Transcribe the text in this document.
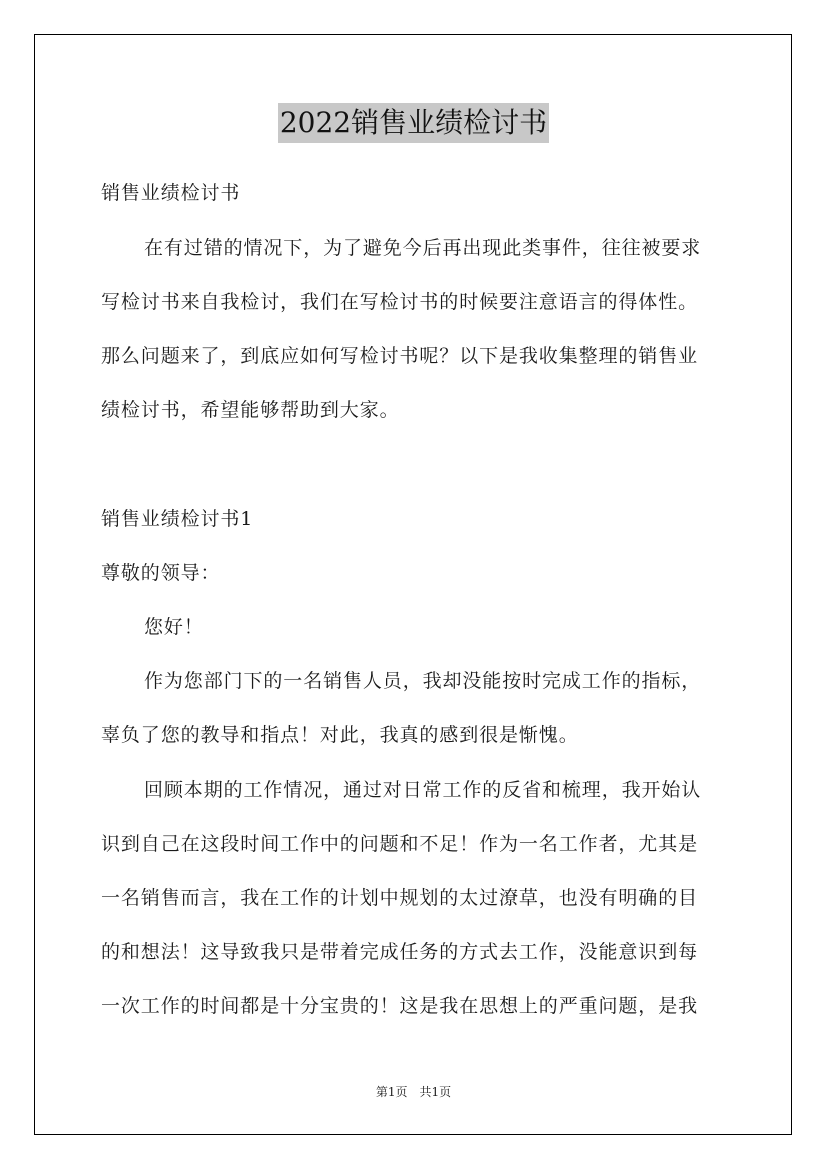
2022销售业绩检讨书
销售业绩检讨书
在有过错的情况下，为了避免今后再出现此类事件，往往被要求
写检讨书来自我检讨，我们在写检讨书的时候要注意语言的得体性。
那么问题来了，到底应如何写检讨书呢？以下是我收集整理的销售业
绩检讨书，希望能够帮助到大家。
销售业绩检讨书1
尊敬的领导：
您好！
作为您部门下的一名销售人员，我却没能按时完成工作的指标，
辜负了您的教导和指点！对此，我真的感到很是惭愧。
回顾本期的工作情况，通过对日常工作的反省和梳理，我开始认
识到自己在这段时间工作中的问题和不足！作为一名工作者，尤其是
一名销售而言，我在工作的计划中规划的太过潦草，也没有明确的目
的和想法！这导致我只是带着完成任务的方式去工作，没能意识到每
一次工作的时间都是十分宝贵的！这是我在思想上的严重问题，是我
第1页　共1页
